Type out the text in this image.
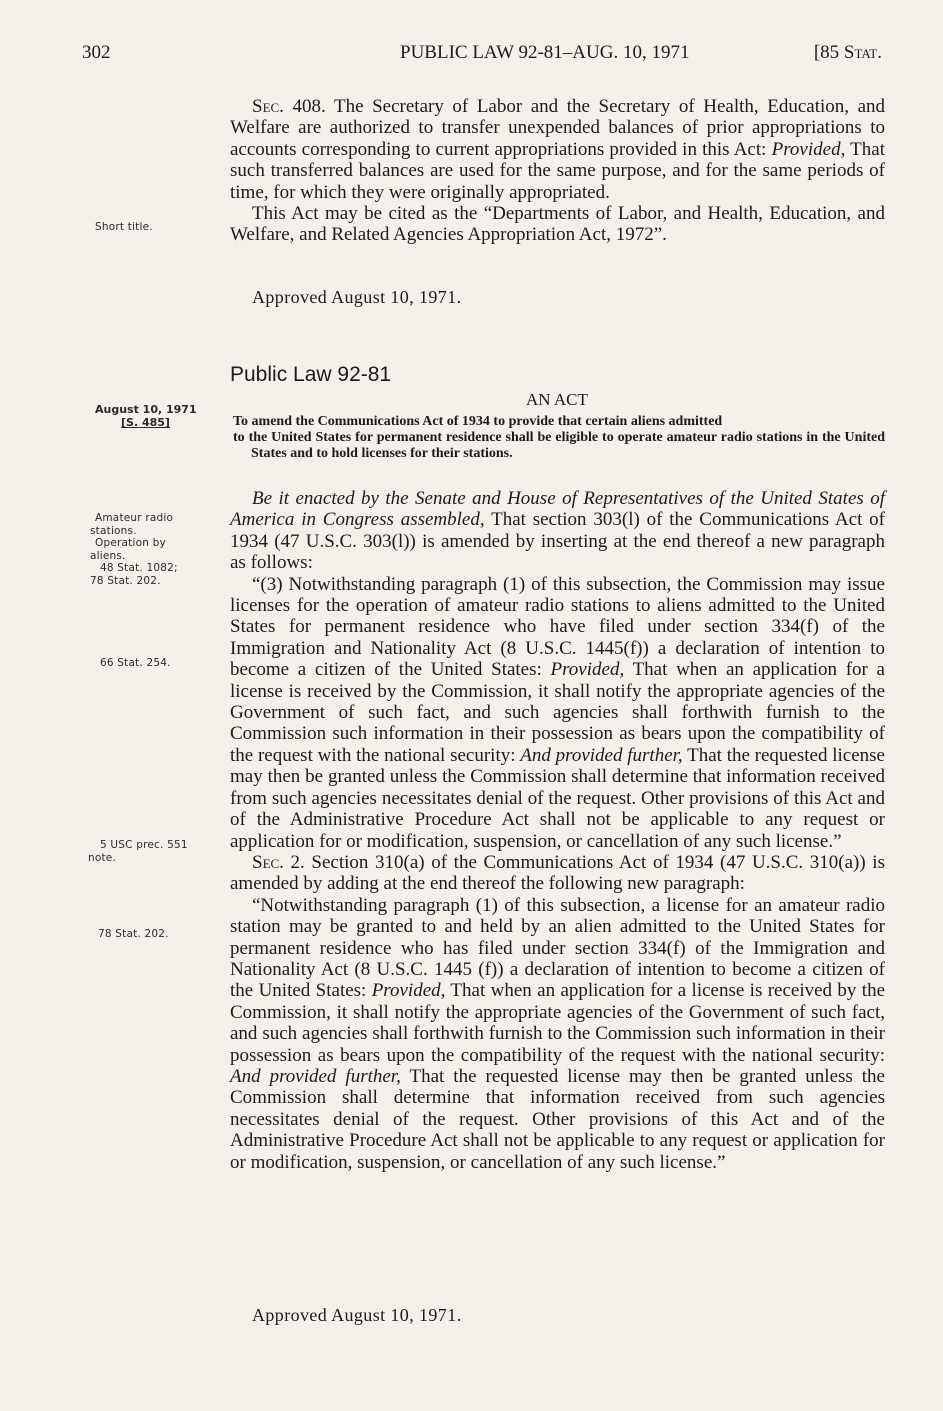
302	PUBLIC LAW 92-81–AUG. 10, 1971	[85 Stat.

Sec. 408. The Secretary of Labor and the Secretary of Health, Education, and Welfare are authorized to transfer unexpended balances of prior appropriations to accounts corresponding to current appropriations provided in this Act: Provided, That such transferred balances are used for the same purpose, and for the same periods of time, for which they were originally appropriated.

This Act may be cited as the “Departments of Labor, and Health, Education, and Welfare, and Related Agencies Appropriation Act, 1972”.

Approved August 10, 1971.
Public Law 92-81
AN ACT
To amend the Communications Act of 1934 to provide that certain aliens admitted
to the United States for permanent residence shall be eligible to operate amateur radio stations in the United States and to hold licenses for their stations.

Be it enacted by the Senate and House of Representatives of the United States of America in Congress assembled, That section 303(l) of the Communications Act of 1934 (47 U.S.C. 303(l)) is amended by inserting at the end thereof a new paragraph as follows:

“(3) Notwithstanding paragraph (1) of this subsection, the Commission may issue licenses for the operation of amateur radio stations to aliens admitted to the United States for permanent residence who have filed under section 334(f) of the Immigration and Nationality Act (8 U.S.C. 1445(f)) a declaration of intention to become a citizen of the United States: Provided, That when an application for a license is received by the Commission, it shall notify the appropriate agencies of the Government of such fact, and such agencies shall forthwith furnish to the Commission such information in their possession as bears upon the compatibility of the request with the national security: And provided further, That the requested license may then be granted unless the Commission shall determine that information received from such agencies necessitates denial of the request. Other provisions of this Act and of the Administrative Procedure Act shall not be applicable to any request or application for or modification, suspension, or cancellation of any such license.”

Sec. 2. Section 310(a) of the Communications Act of 1934 (47 U.S.C. 310(a)) is amended by adding at the end thereof the following new paragraph:

“Notwithstanding paragraph (1) of this subsection, a license for an amateur radio station may be granted to and held by an alien admitted to the United States for permanent residence who has filed under section 334(f) of the Immigration and Nationality Act (8 U.S.C. 1445 (f)) a declaration of intention to become a citizen of the United States: Provided, That when an application for a license is received by the Commission, it shall notify the appropriate agencies of the Government of such fact, and such agencies shall forthwith furnish to the Commission such information in their possession as bears upon the compatibility of the request with the national security: And provided further, That the requested license may then be granted unless the Commission shall determine that information received from such agencies necessitates denial of the request. Other provisions of this Act and of the Administrative Procedure Act shall not be applicable to any request or application for or modification, suspension, or cancellation of any such license.”

Approved August 10, 1971.
Short title.
August 10, 1971
[S. 485]
Amateur radio
stations.
Operation by
aliens.
48 Stat. 1082;
78 Stat. 202.
66 Stat. 254.
5 USC prec. 551
note.
78 Stat. 202.
